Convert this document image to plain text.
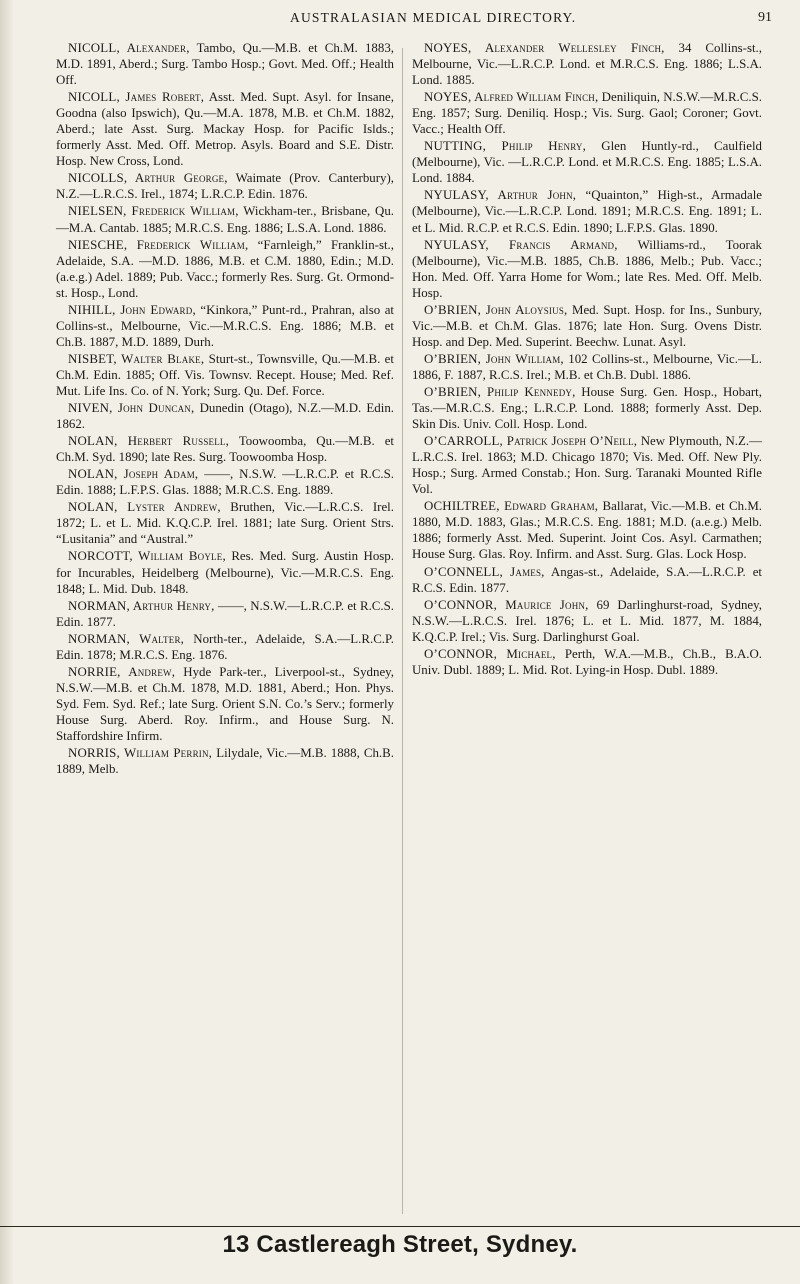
AUSTRALASIAN MEDICAL DIRECTORY.	91

NICOLL, Alexander, Tambo, Qu.—M.B. et Ch.M. 1883, M.D. 1891, Aberd.; Surg. Tambo Hosp.; Govt. Med. Off.; Health Off.

NICOLL, James Robert, Asst. Med. Supt. Asyl. for Insane, Goodna (also Ipswich), Qu.—M.A. 1878, M.B. et Ch.M. 1882, Aberd.; late Asst. Surg. Mackay Hosp. for Pacific Islds.; formerly Asst. Med. Off. Metrop. Asyls. Board and S.E. Distr. Hosp. New Cross, Lond.

NICOLLS, Arthur George, Waimate (Prov. Canterbury), N.Z.—L.R.C.S. Irel., 1874; L.R.C.P. Edin. 1876.

NIELSEN, Frederick William, Wickham-ter., Brisbane, Qu.—M.A. Cantab. 1885; M.R.C.S. Eng. 1886; L.S.A. Lond. 1886.

NIESCHE, Frederick William, “Farnleigh,” Franklin-st., Adelaide, S.A. —M.D. 1886, M.B. et C.M. 1880, Edin.; M.D. (a.e.g.) Adel. 1889; Pub. Vacc.; formerly Res. Surg. Gt. Ormond-st. Hosp., Lond.

NIHILL, John Edward, “Kinkora,” Punt-rd., Prahran, also at Collins-st., Melbourne, Vic.—M.R.C.S. Eng. 1886; M.B. et Ch.B. 1887, M.D. 1889, Durh.

NISBET, Walter Blake, Sturt-st., Townsville, Qu.—M.B. et Ch.M. Edin. 1885; Off. Vis. Townsv. Recept. House; Med. Ref. Mut. Life Ins. Co. of N. York; Surg. Qu. Def. Force.

NIVEN, John Duncan, Dunedin (Otago), N.Z.—M.D. Edin. 1862.

NOLAN, Herbert Russell, Toowoomba, Qu.—M.B. et Ch.M. Syd. 1890; late Res. Surg. Toowoomba Hosp.

NOLAN, Joseph Adam, ——, N.S.W. —L.R.C.P. et R.C.S. Edin. 1888; L.F.P.S. Glas. 1888; M.R.C.S. Eng. 1889.

NOLAN, Lyster Andrew, Bruthen, Vic.—L.R.C.S. Irel. 1872; L. et L. Mid. K.Q.C.P. Irel. 1881; late Surg. Orient Strs. “Lusitania” and “Austral.”

NORCOTT, William Boyle, Res. Med. Surg. Austin Hosp. for Incurables, Heidelberg (Melbourne), Vic.—M.R.C.S. Eng. 1848; L. Mid. Dub. 1848.

NORMAN, Arthur Henry, ——, N.S.W.—L.R.C.P. et R.C.S. Edin. 1877.

NORMAN, Walter, North-ter., Adelaide, S.A.—L.R.C.P. Edin. 1878; M.R.C.S. Eng. 1876.

NORRIE, Andrew, Hyde Park-ter., Liverpool-st., Sydney, N.S.W.—M.B. et Ch.M. 1878, M.D. 1881, Aberd.; Hon. Phys. Syd. Fem. Syd. Ref.; late Surg. Orient S.N. Co.’s Serv.; formerly House Surg. Aberd. Roy. Infirm., and House Surg. N. Staffordshire Infirm.

NORRIS, William Perrin, Lilydale, Vic.—M.B. 1888, Ch.B. 1889, Melb.

NOYES, Alexander Wellesley Finch, 34 Collins-st., Melbourne, Vic.—L.R.C.P. Lond. et M.R.C.S. Eng. 1886; L.S.A. Lond. 1885.

NOYES, Alfred William Finch, Deniliquin, N.S.W.—M.R.C.S. Eng. 1857; Surg. Deniliq. Hosp.; Vis. Surg. Gaol; Coroner; Govt. Vacc.; Health Off.

NUTTING, Philip Henry, Glen Huntly-rd., Caulfield (Melbourne), Vic. —L.R.C.P. Lond. et M.R.C.S. Eng. 1885; L.S.A. Lond. 1884.

NYULASY, Arthur John, “Quainton,” High-st., Armadale (Melbourne), Vic.—L.R.C.P. Lond. 1891; M.R.C.S. Eng. 1891; L. et L. Mid. R.C.P. et R.C.S. Edin. 1890; L.F.P.S. Glas. 1890.

NYULASY, Francis Armand, Williams-rd., Toorak (Melbourne), Vic.—M.B. 1885, Ch.B. 1886, Melb.; Pub. Vacc.; Hon. Med. Off. Yarra Home for Wom.; late Res. Med. Off. Melb. Hosp.

O’BRIEN, John Aloysius, Med. Supt. Hosp. for Ins., Sunbury, Vic.—M.B. et Ch.M. Glas. 1876; late Hon. Surg. Ovens Distr. Hosp. and Dep. Med. Superint. Beechw. Lunat. Asyl.

O’BRIEN, John William, 102 Collins-st., Melbourne, Vic.—L. 1886, F. 1887, R.C.S. Irel.; M.B. et Ch.B. Dubl. 1886.

O’BRIEN, Philip Kennedy, House Surg. Gen. Hosp., Hobart, Tas.—M.R.C.S. Eng.; L.R.C.P. Lond. 1888; formerly Asst. Dep. Skin Dis. Univ. Coll. Hosp. Lond.

O’CARROLL, Patrick Joseph O’Neill, New Plymouth, N.Z.—L.R.C.S. Irel. 1863; M.D. Chicago 1870; Vis. Med. Off. New Ply. Hosp.; Surg. Armed Constab.; Hon. Surg. Taranaki Mounted Rifle Vol.

OCHILTREE, Edward Graham, Ballarat, Vic.—M.B. et Ch.M. 1880, M.D. 1883, Glas.; M.R.C.S. Eng. 1881; M.D. (a.e.g.) Melb. 1886; formerly Asst. Med. Superint. Joint Cos. Asyl. Carmathen; House Surg. Glas. Roy. Infirm. and Asst. Surg. Glas. Lock Hosp.

O’CONNELL, James, Angas-st., Adelaide, S.A.—L.R.C.P. et R.C.S. Edin. 1877.

O’CONNOR, Maurice John, 69 Darlinghurst-road, Sydney, N.S.W.—L.R.C.S. Irel. 1876; L. et L. Mid. 1877, M. 1884, K.Q.C.P. Irel.; Vis. Surg. Darlinghurst Goal.

O’CONNOR, Michael, Perth, W.A.—M.B., Ch.B., B.A.O. Univ. Dubl. 1889; L. Mid. Rot. Lying-in Hosp. Dubl. 1889.

13 Castlereagh Street, Sydney.
